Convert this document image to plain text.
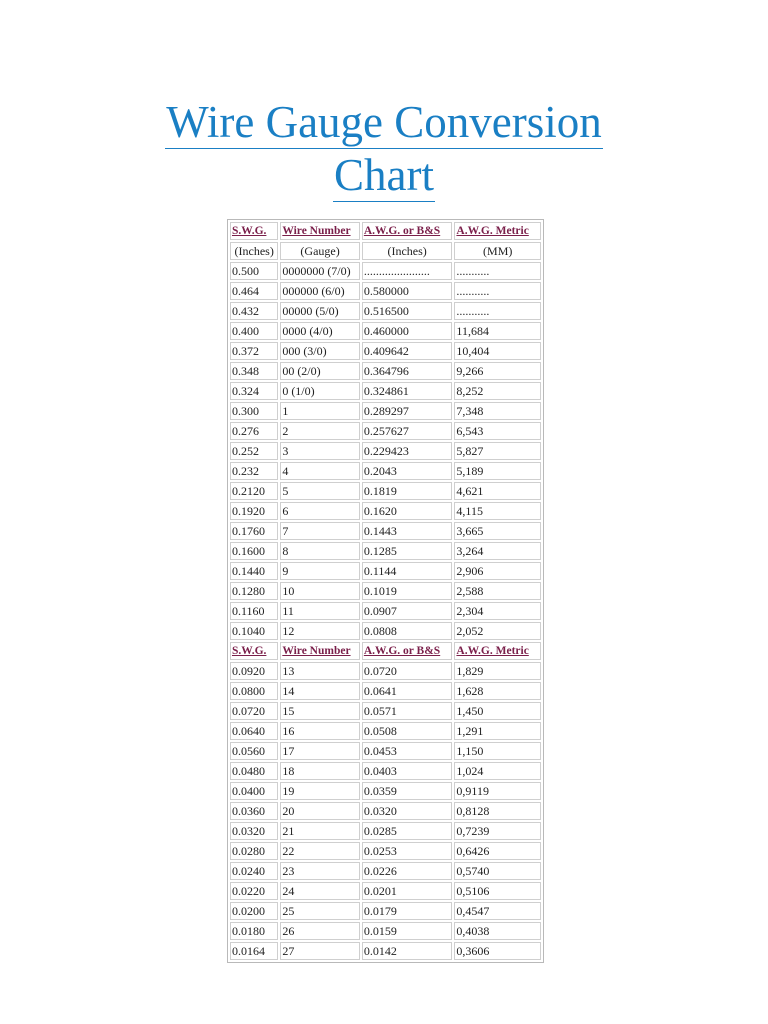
Wire Gauge Conversion
Chart
S.W.G.	Wire Number	A.W.G. or B&S	A.W.G. Metric
(Inches)	(Gauge)	(Inches)	(MM)
0.500	0000000 (7/0)	......................	...........
0.464	000000 (6/0)	0.580000	...........
0.432	00000 (5/0)	0.516500	...........
0.400	0000 (4/0)	0.460000	11,684
0.372	000 (3/0)	0.409642	10,404
0.348	00 (2/0)	0.364796	9,266
0.324	0 (1/0)	0.324861	8,252
0.300	1	0.289297	7,348
0.276	2	0.257627	6,543
0.252	3	0.229423	5,827
0.232	4	0.2043	5,189
0.2120	5	0.1819	4,621
0.1920	6	0.1620	4,115
0.1760	7	0.1443	3,665
0.1600	8	0.1285	3,264
0.1440	9	0.1144	2,906
0.1280	10	0.1019	2,588
0.1160	11	0.0907	2,304
0.1040	12	0.0808	2,052
S.W.G.	Wire Number	A.W.G. or B&S	A.W.G. Metric
0.0920	13	0.0720	1,829
0.0800	14	0.0641	1,628
0.0720	15	0.0571	1,450
0.0640	16	0.0508	1,291
0.0560	17	0.0453	1,150
0.0480	18	0.0403	1,024
0.0400	19	0.0359	0,9119
0.0360	20	0.0320	0,8128
0.0320	21	0.0285	0,7239
0.0280	22	0.0253	0,6426
0.0240	23	0.0226	0,5740
0.0220	24	0.0201	0,5106
0.0200	25	0.0179	0,4547
0.0180	26	0.0159	0,4038
0.0164	27	0.0142	0,3606
